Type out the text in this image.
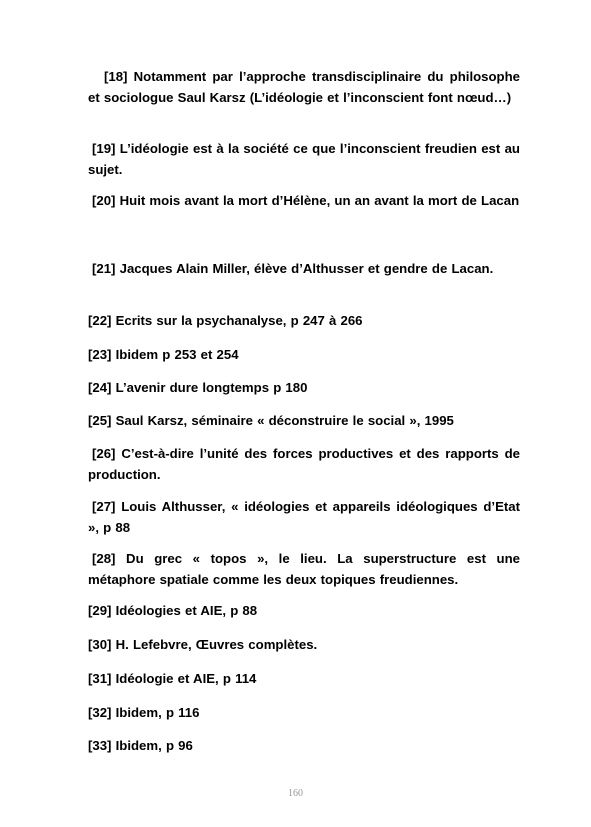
[18] Notamment par l’approche transdisciplinaire du philosophe et sociologue Saul Karsz (L’idéologie et l’inconscient font nœud…)
[19] L’idéologie est à la société ce que l’inconscient freudien est au sujet.
[20] Huit mois avant la mort d’Hélène, un an avant la mort de Lacan
[21] Jacques Alain Miller, élève d’Althusser et gendre de Lacan.
[22] Ecrits sur la psychanalyse, p 247 à 266
[23] Ibidem p 253 et 254
[24] L’avenir dure longtemps p 180
[25] Saul Karsz, séminaire « déconstruire le social », 1995
[26] C’est-à-dire l’unité des forces productives et des rapports de production.
[27] Louis Althusser, « idéologies et appareils idéologiques d’Etat », p 88
[28] Du grec « topos », le lieu. La superstructure est une métaphore spatiale comme les deux topiques freudiennes.
[29] Idéologies et AIE, p 88
[30] H. Lefebvre, Œuvres complètes.
[31] Idéologie et AIE, p 114
[32] Ibidem, p 116
[33] Ibidem, p 96
160
